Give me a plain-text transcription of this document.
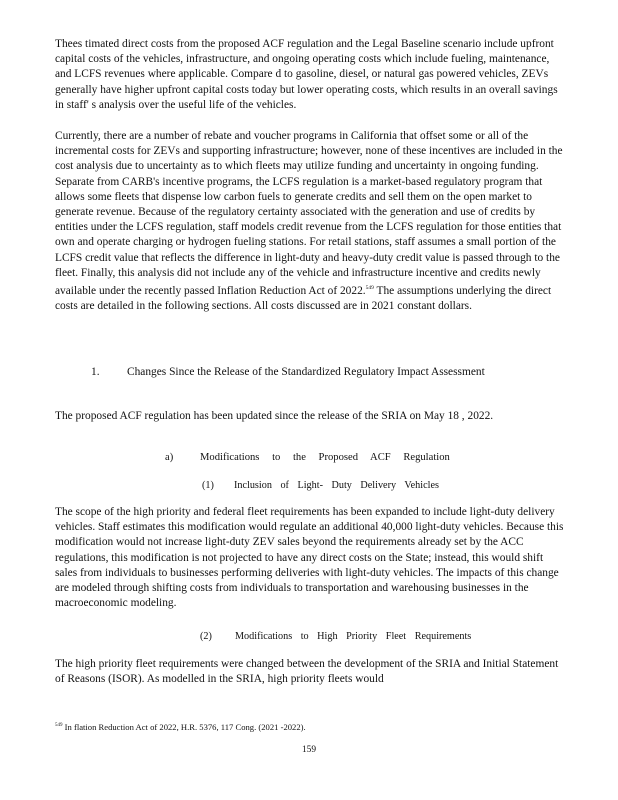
Thees timated direct costs from the proposed ACF regulation and the Legal Baseline scenario include upfront capital costs of the vehicles, infrastructure, and ongoing operating costs which include fueling, maintenance, and LCFS revenues where applicable. Compare d to gasoline, diesel, or natural gas powered vehicles, ZEVs generally have higher upfront capital costs today but lower operating costs, which results in an overall savings in staff' s analysis over the useful life of the vehicles.

Currently, there are a number of rebate and voucher programs in California that offset some or all of the incremental costs for ZEVs and supporting infrastructure; however, none of these incentives are included in the cost analysis due to uncertainty as to which fleets may utilize funding and uncertainty in ongoing funding. Separate from CARB's incentive programs, the LCFS regulation is a market-based regulatory program that allows some fleets that dispense low carbon fuels to generate credits and sell them on the open market to generate revenue. Because of the regulatory certainty associated with the generation and use of credits by entities under the LCFS regulation, staff models credit revenue from the LCFS regulation for those entities that own and operate charging or hydrogen fueling stations. For retail stations, staff assumes a small portion of the LCFS credit value that reflects the difference in light-duty and heavy-duty credit value is passed through to the fleet. Finally, this analysis did not include any of the vehicle and infrastructure incentive and credits newly available under the recently passed Inflation Reduction Act of 2022.$^{549}$ The assumptions underlying the direct costs are detailed in the following sections. All costs discussed are in 2021 constant dollars.

1. Changes Since the Release of the Standardized Regulatory Impact Assessment

The proposed ACF regulation has been updated since the release of the SRIA on May 18 , 2022.

a)	Modifications to the Proposed ACF Regulation
(1) Inclusion of Light- Duty Delivery Vehicles

The scope of the high priority and federal fleet requirements has been expanded to include light-duty delivery vehicles. Staff estimates this modification would regulate an additional 40,000 light-duty vehicles. Because this modification would not increase light-duty ZEV sales beyond the requirements already set by the ACC regulations, this modification is not projected to have any direct costs on the State; instead, this would shift sales from individuals to businesses performing deliveries with light-duty vehicles. The impacts of this change are modeled through shifting costs from individuals to transportation and warehousing businesses in the macroeconomic modeling.

(2) Modifications to High Priority Fleet Requirements

The high priority fleet requirements were changed between the development of the SRIA and Initial Statement of Reasons (ISOR). As modelled in the SRIA, high priority fleets would

$^{549}$ In flation Reduction Act of 2022, H.R. 5376, 117 Cong. (2021 -2022).
159
